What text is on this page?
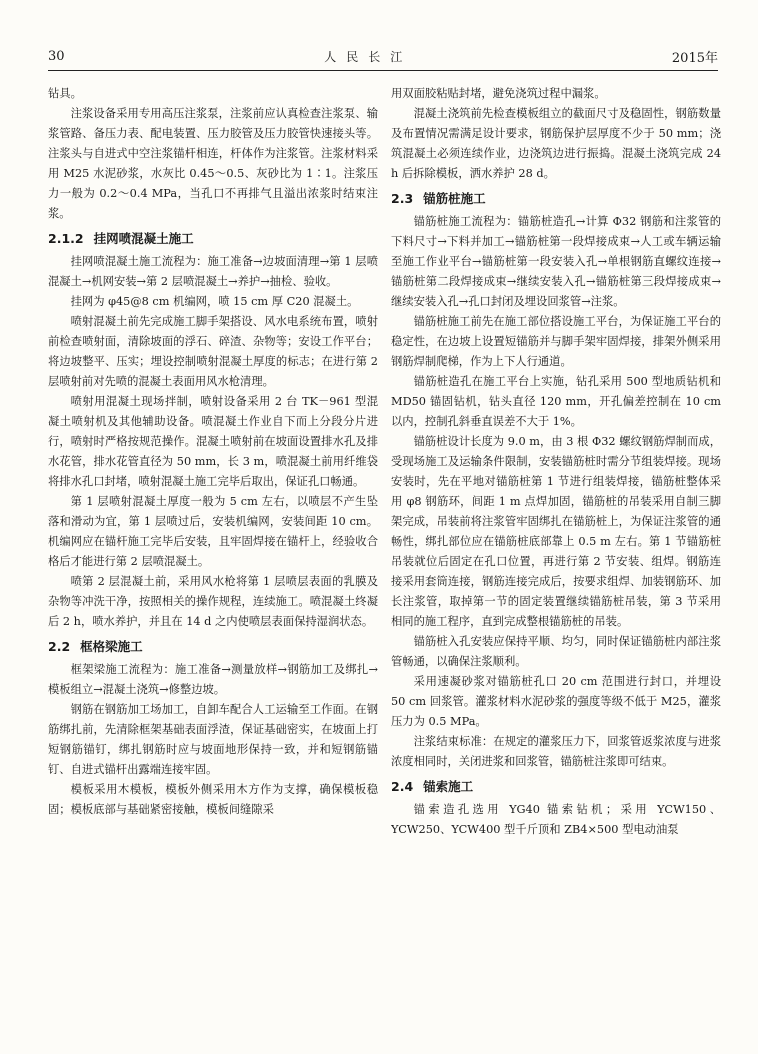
30	人民长江	2015年

钻具。

注浆设备采用专用高压注浆泵，注浆前应认真检查注浆泵、输浆管路、备压力表、配电装置、压力胶管及压力胶管快速接头等。注浆头与自进式中空注浆锚杆相连，杆体作为注浆管。注浆材料采用 M25 水泥砂浆，水灰比 0.45～0.5、灰砂比为 1∶1。注浆压力一般为 0.2～0.4 MPa，当孔口不再排气且溢出浓浆时结束注浆。

2.1.2 挂网喷混凝土施工

挂网喷混凝土施工流程为：施工准备→边坡面清理→第 1 层喷混凝土→机网安装→第 2 层喷混凝土→养护→抽检、验收。

挂网为 φ45@8 cm 机编网，喷 15 cm 厚 C20 混凝土。

喷射混凝土前先完成施工脚手架搭设、风水电系统布置，喷射前检查喷射面，清除坡面的浮石、碎渣、杂物等；安设工作平台；将边坡整平、压实；埋设控制喷射混凝土厚度的标志；在进行第 2 层喷射前对先喷的混凝土表面用风水枪清理。

喷射用混凝土现场拌制，喷射设备采用 2 台 TK－961 型混凝土喷射机及其他辅助设备。喷混凝土作业自下而上分段分片进行，喷射时严格按规范操作。混凝土喷射前在坡面设置排水孔及排水花管，排水花管直径为 50 mm，长 3 m，喷混凝土前用纤维袋将排水孔口封堵，喷射混凝土施工完毕后取出，保证孔口畅通。

第 1 层喷射混凝土厚度一般为 5 cm 左右，以喷层不产生坠落和滑动为宜，第 1 层喷过后，安装机编网，安装间距 10 cm。机编网应在锚杆施工完毕后安装，且牢固焊接在锚杆上，经验收合格后才能进行第 2 层喷混凝土。

喷第 2 层混凝土前，采用风水枪将第 1 层喷层表面的乳膜及杂物等冲洗干净，按照相关的操作规程，连续施工。喷混凝土终凝后 2 h，喷水养护，并且在 14 d 之内使喷层表面保持湿润状态。

2.2 框格梁施工

框架梁施工流程为：施工准备→测量放样→钢筋加工及绑扎→模板组立→混凝土浇筑→修整边坡。

钢筋在钢筋加工场加工，自卸车配合人工运输至工作面。在钢筋绑扎前，先清除框架基础表面浮渣，保证基础密实，在坡面上打短钢筋锚钉，绑扎钢筋时应与坡面地形保持一致，并和短钢筋锚钉、自进式锚杆出露端连接牢固。

模板采用木模板，模板外侧采用木方作为支撑，确保模板稳固；模板底部与基础紧密接触，模板间缝隙采

用双面胶粘贴封堵，避免浇筑过程中漏浆。

混凝土浇筑前先检查模板组立的截面尺寸及稳固性，钢筋数量及布置情况需满足设计要求，钢筋保护层厚度不少于 50 mm；浇筑混凝土必须连续作业，边浇筑边进行振捣。混凝土浇筑完成 24 h 后拆除模板，洒水养护 28 d。

2.3 锚筋桩施工

锚筋桩施工流程为：锚筋桩造孔→计算 Φ32 钢筋和注浆管的下料尺寸→下料并加工→锚筋桩第一段焊接成束→人工或车辆运输至施工作业平台→锚筋桩第一段安装入孔→单根钢筋直螺纹连接→锚筋桩第二段焊接成束→继续安装入孔→锚筋桩第三段焊接成束→继续安装入孔→孔口封闭及埋设回浆管→注浆。

锚筋桩施工前先在施工部位搭设施工平台，为保证施工平台的稳定性，在边坡上设置短锚筋并与脚手架牢固焊接，排架外侧采用钢筋焊制爬梯，作为上下人行通道。

锚筋桩造孔在施工平台上实施，钻孔采用 500 型地质钻机和 MD50 锚固钻机，钻头直径 120 mm，开孔偏差控制在 10 cm 以内，控制孔斜垂直误差不大于 1%。

锚筋桩设计长度为 9.0 m，由 3 根 Φ32 螺纹钢筋焊制而成，受现场施工及运输条件限制，安装锚筋桩时需分节组装焊接。现场安装时，先在平地对锚筋桩第 1 节进行组装焊接，锚筋桩整体采用 φ8 钢筋环，间距 1 m 点焊加固，锚筋桩的吊装采用自制三脚架完成，吊装前将注浆管牢固绑扎在锚筋桩上，为保证注浆管的通畅性，绑扎部位应在锚筋桩底部靠上 0.5 m 左右。第 1 节锚筋桩吊装就位后固定在孔口位置，再进行第 2 节安装、组焊。钢筋连接采用套筒连接，钢筋连接完成后，按要求组焊、加装钢筋环、加长注浆管，取掉第一节的固定装置继续锚筋桩吊装，第 3 节采用相同的施工程序，直到完成整根锚筋桩的吊装。

锚筋桩入孔安装应保持平顺、均匀，同时保证锚筋桩内部注浆管畅通，以确保注浆顺利。

采用速凝砂浆对锚筋桩孔口 20 cm 范围进行封口，并埋设 50 cm 回浆管。灌浆材料水泥砂浆的强度等级不低于 M25，灌浆压力为 0.5 MPa。

注浆结束标准：在规定的灌浆压力下，回浆管返浆浓度与进浆浓度相同时，关闭进浆和回浆管，锚筋桩注浆即可结束。

2.4 锚索施工

锚索造孔选用 YG40 锚索钻机；采用 YCW150、YCW250、YCW400 型千斤顶和 ZB4×500 型电动油泵
